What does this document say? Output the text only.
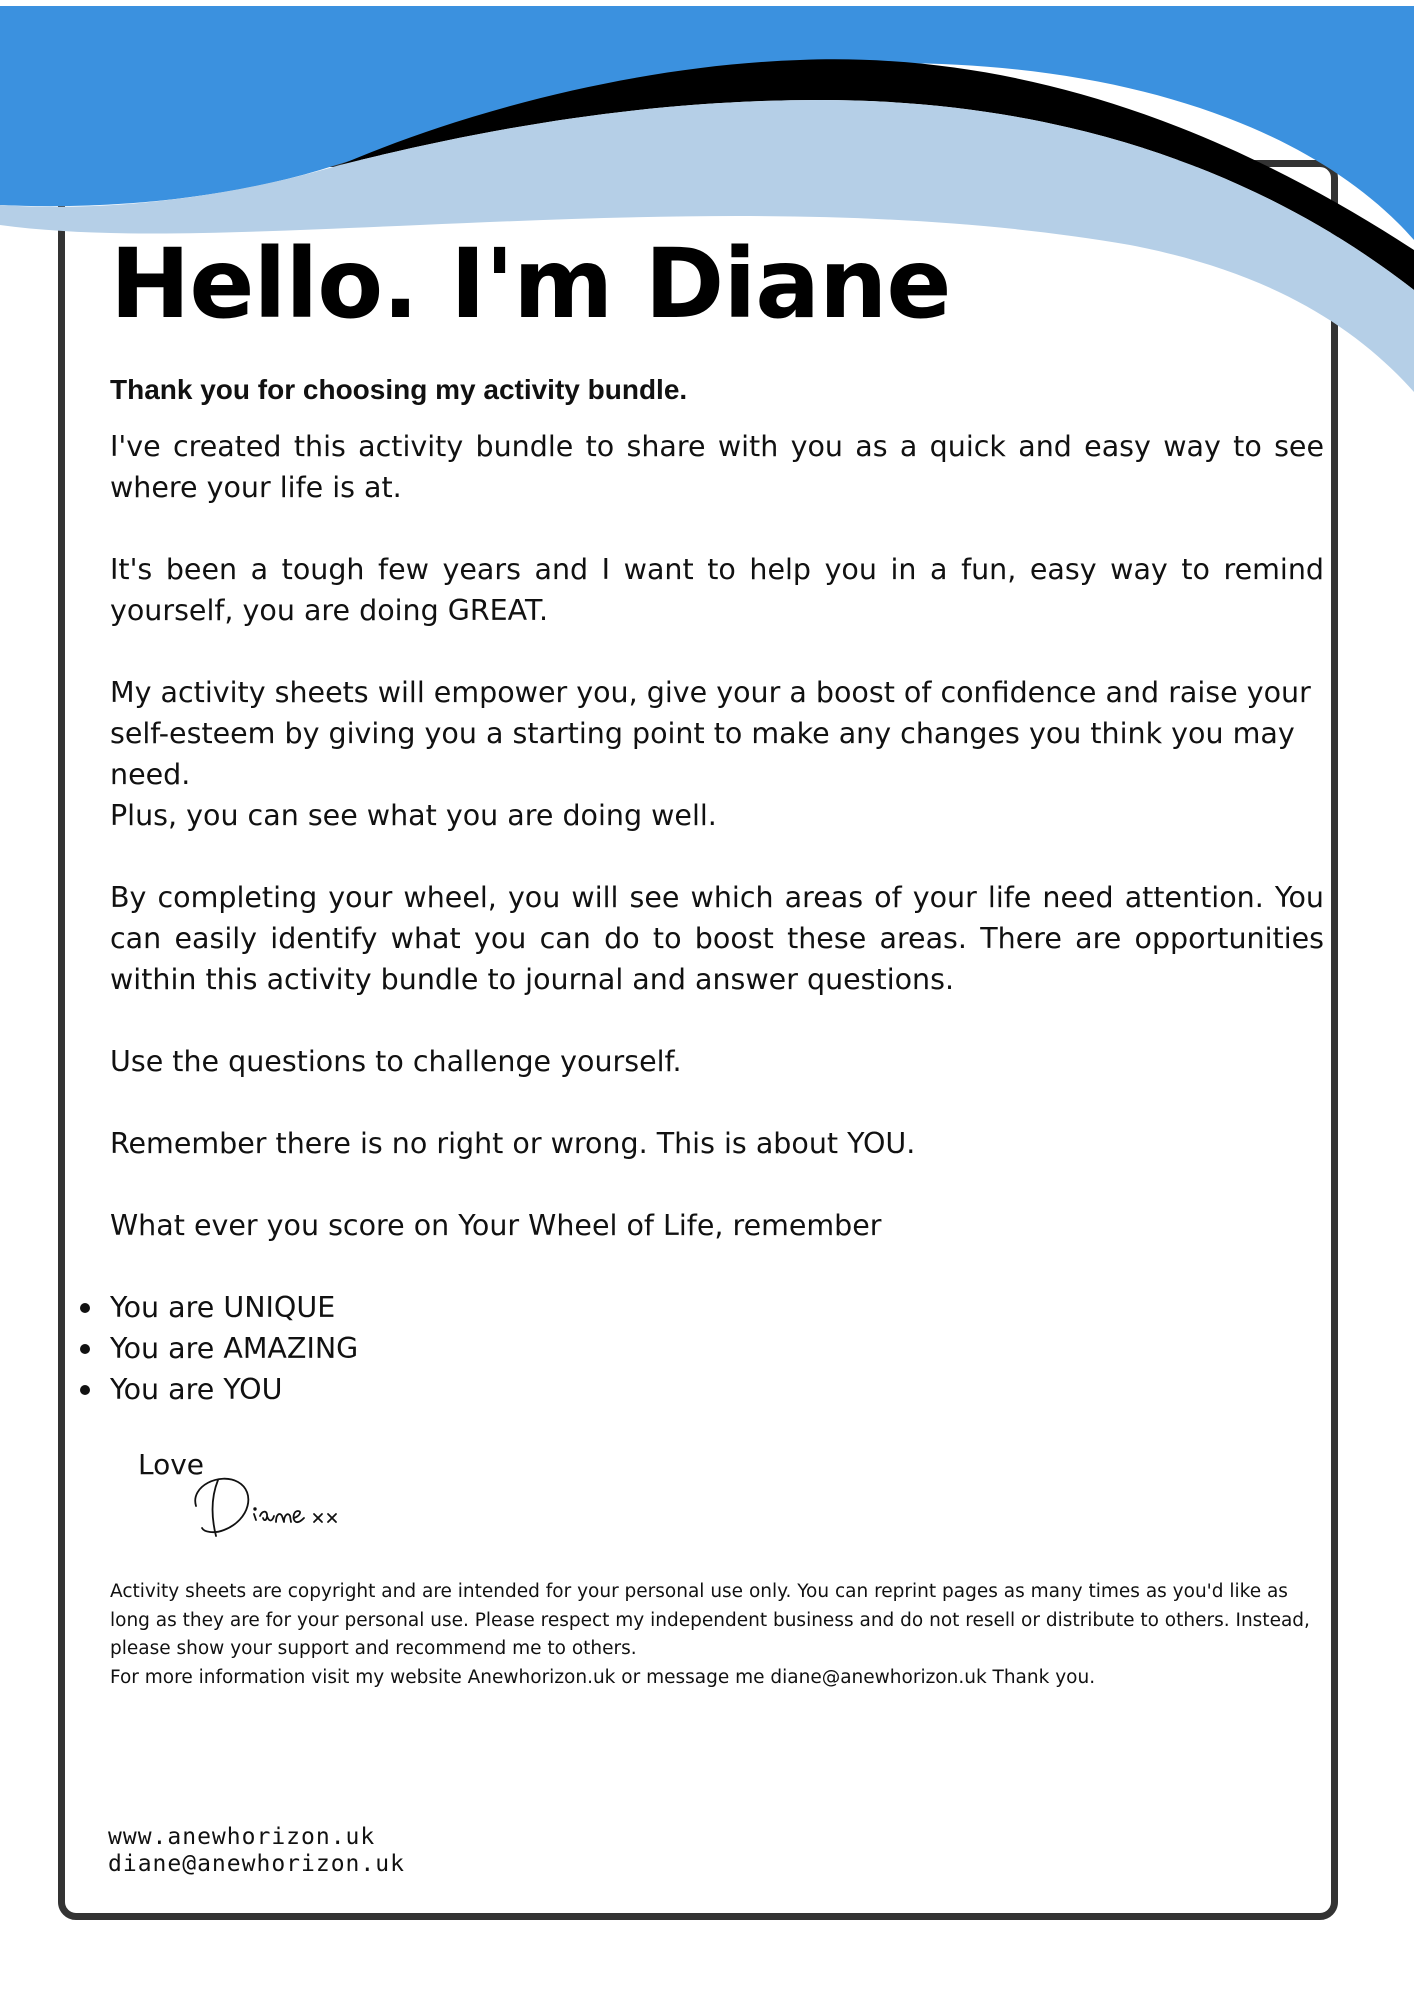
Hello. I'm Diane

Thank you for choosing my activity bundle.

I've created this activity bundle to share with you as a quick and easy way to see where your life is at.

It's been a tough few years and I want to help you in a fun, easy way to remind yourself, you are doing GREAT.

My activity sheets will empower you, give your a boost of confidence and raise your self-esteem by giving you a starting point to make any changes you think you may need.

Plus, you can see what you are doing well.

By completing your wheel, you will see which areas of your life need attention. You can easily identify what you can do to boost these areas. There are opportunities within this activity bundle to journal and answer questions.

Use the questions to challenge yourself.

Remember there is no right or wrong. This is about YOU.

What ever you score on Your Wheel of Life, remember

You are UNIQUE
You are AMAZING
You are YOU
Love

Activity sheets are copyright and are intended for your personal use only. You can reprint pages as many times as you'd like as long as they are for your personal use. Please respect my independent business and do not resell or distribute to others. Instead, please show your support and recommend me to others.

For more information visit my website Anewhorizon.uk or message me diane@anewhorizon.uk Thank you.

www.anewhorizon.uk
diane@anewhorizon.uk
